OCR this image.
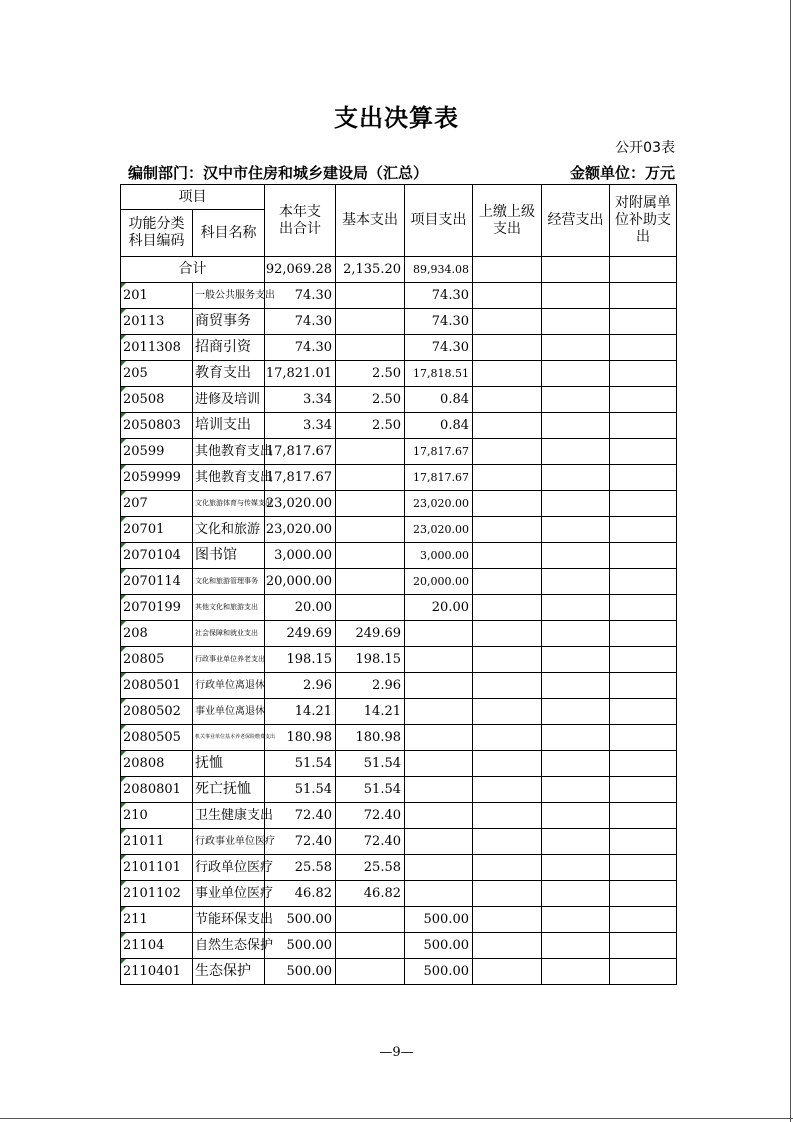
支出决算表
公开03表
编制部门：汉中市住房和城乡建设局（汇总）	金额单位：万元
项目		本年支出合计	基本支出	项目支出	上缴上级支出	经营支出	对附属单位补助支出
功能分类科目编码	科目名称						
合计		92,069.28	2,135.20	89,934.08			
201	一般公共服务支出	74.30		74.30			
20113	商贸事务	74.30		74.30			
2011308	招商引资	74.30		74.30			
205	教育支出	17,821.01	2.50	17,818.51			
20508	进修及培训	3.34	2.50	0.84			
2050803	培训支出	3.34	2.50	0.84			
20599	其他教育支出	17,817.67		17,817.67			
2059999	其他教育支出	17,817.67		17,817.67			
207	文化旅游体育与传媒支出	23,020.00		23,020.00			
20701	文化和旅游	23,020.00		23,020.00			
2070104	图书馆	3,000.00		3,000.00			
2070114	文化和旅游管理事务	20,000.00		20,000.00			
2070199	其他文化和旅游支出	20.00		20.00			
208	社会保障和就业支出	249.69	249.69				
20805	行政事业单位养老支出	198.15	198.15				
2080501	行政单位离退休	2.96	2.96				
2080502	事业单位离退休	14.21	14.21				
2080505	机关事业单位基本养老保险缴费支出	180.98	180.98				
20808	抚恤	51.54	51.54				
2080801	死亡抚恤	51.54	51.54				
210	卫生健康支出	72.40	72.40				
21011	行政事业单位医疗	72.40	72.40				
2101101	行政单位医疗	25.58	25.58				
2101102	事业单位医疗	46.82	46.82				
211	节能环保支出	500.00		500.00			
21104	自然生态保护	500.00		500.00			
2110401	生态保护	500.00		500.00			
—9—
